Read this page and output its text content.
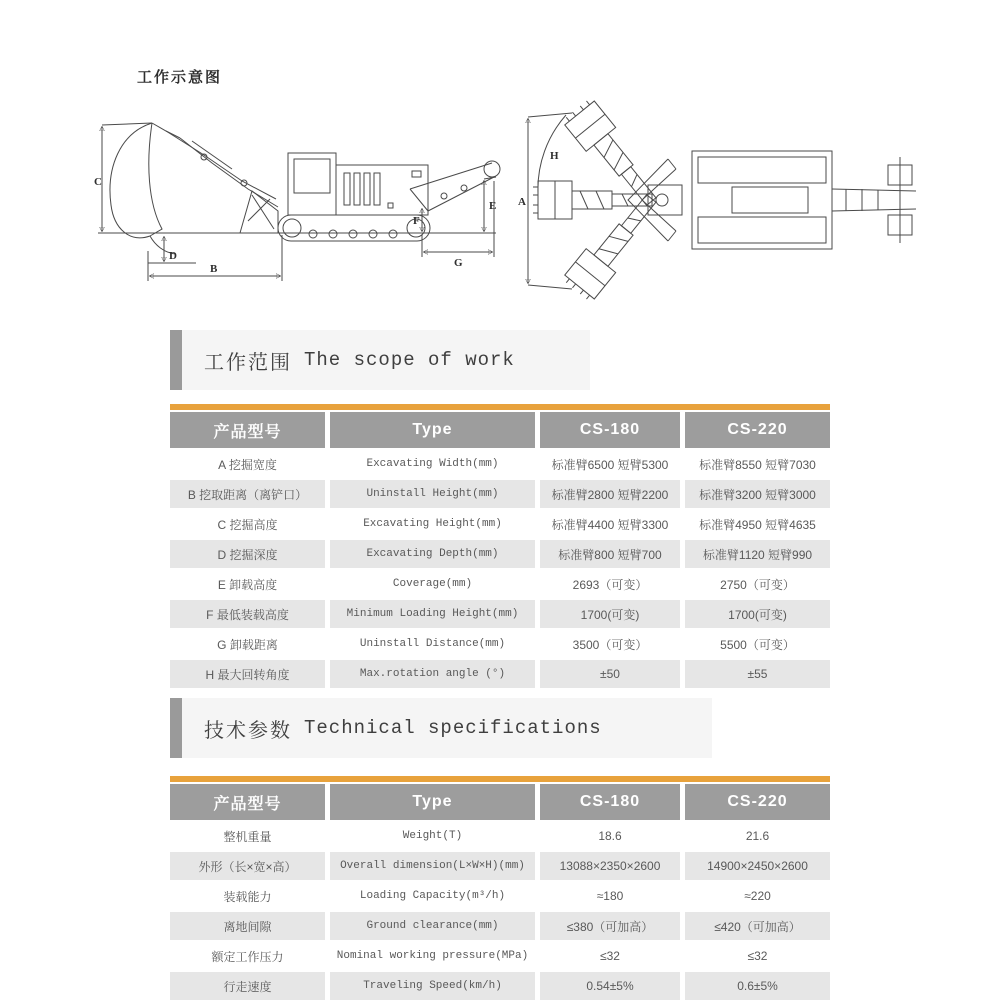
工作示意图
C
D
B
F
E
G
H
A
工作范围 The scope of work
产品型号	Type	CS-180	CS-220
A 挖掘宽度	Excavating Width(mm)	标准臂6500 短臂5300	标准臂8550 短臂7030
B 挖取距离（离铲口）	Uninstall Height(mm)	标准臂2800 短臂2200	标准臂3200 短臂3000
C 挖掘高度	Excavating Height(mm)	标准臂4400 短臂3300	标准臂4950 短臂4635
D 挖掘深度	Excavating Depth(mm)	标准臂800 短臂700	标准臂1120 短臂990
E 卸载高度	Coverage(mm)	2693（可变）	2750（可变）
F 最低装载高度	Minimum Loading Height(mm)	1700(可变)	1700(可变)
G 卸载距离	Uninstall Distance(mm)	3500（可变）	5500（可变）
H 最大回转角度	Max.rotation angle (°)	±50	±55
技术参数 Technical specifications
产品型号	Type	CS-180	CS-220
整机重量	Weight(T)	18.6	21.6
外形（长×宽×高）	Overall dimension(L×W×H)(mm)	13088×2350×2600	14900×2450×2600
装载能力	Loading Capacity(m³/h)	≈180	≈220
离地间隙	Ground clearance(mm)	≤380（可加高）	≤420（可加高）
额定工作压力	Nominal working pressure(MPa)	≤32	≤32
行走速度	Traveling Speed(km/h)	0.54±5%	0.6±5%
